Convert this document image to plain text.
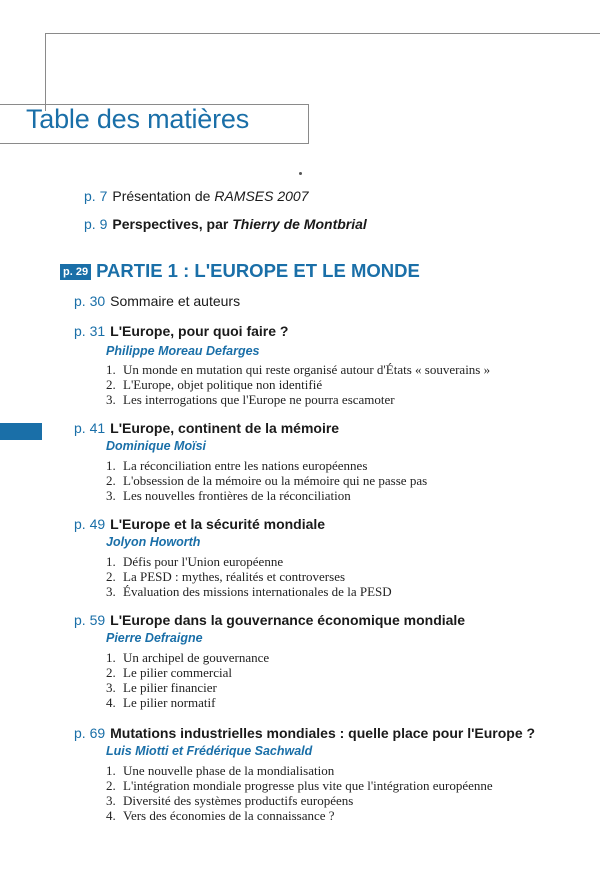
Table des matières
p. 7 Présentation de RAMSES 2007
p. 9 Perspectives, par Thierry de Montbrial
p. 29 PARTIE 1 : L'EUROPE ET LE MONDE
p. 30 Sommaire et auteurs
p. 31 L'Europe, pour quoi faire ?
Philippe Moreau Defarges
1. Un monde en mutation qui reste organisé autour d'États « souverains »
2. L'Europe, objet politique non identifié
3. Les interrogations que l'Europe ne pourra escamoter
p. 41 L'Europe, continent de la mémoire
Dominique Moïsi
1. La réconciliation entre les nations européennes
2. L'obsession de la mémoire ou la mémoire qui ne passe pas
3. Les nouvelles frontières de la réconciliation
p. 49 L'Europe et la sécurité mondiale
Jolyon Howorth
1. Défis pour l'Union européenne
2. La PESD : mythes, réalités et controverses
3. Évaluation des missions internationales de la PESD
p. 59 L'Europe dans la gouvernance économique mondiale
Pierre Defraigne
1. Un archipel de gouvernance
2. Le pilier commercial
3. Le pilier financier
4. Le pilier normatif
p. 69 Mutations industrielles mondiales : quelle place pour l'Europe ?
Luis Miotti et Frédérique Sachwald
1. Une nouvelle phase de la mondialisation
2. L'intégration mondiale progresse plus vite que l'intégration européenne
3. Diversité des systèmes productifs européens
4. Vers des économies de la connaissance ?
